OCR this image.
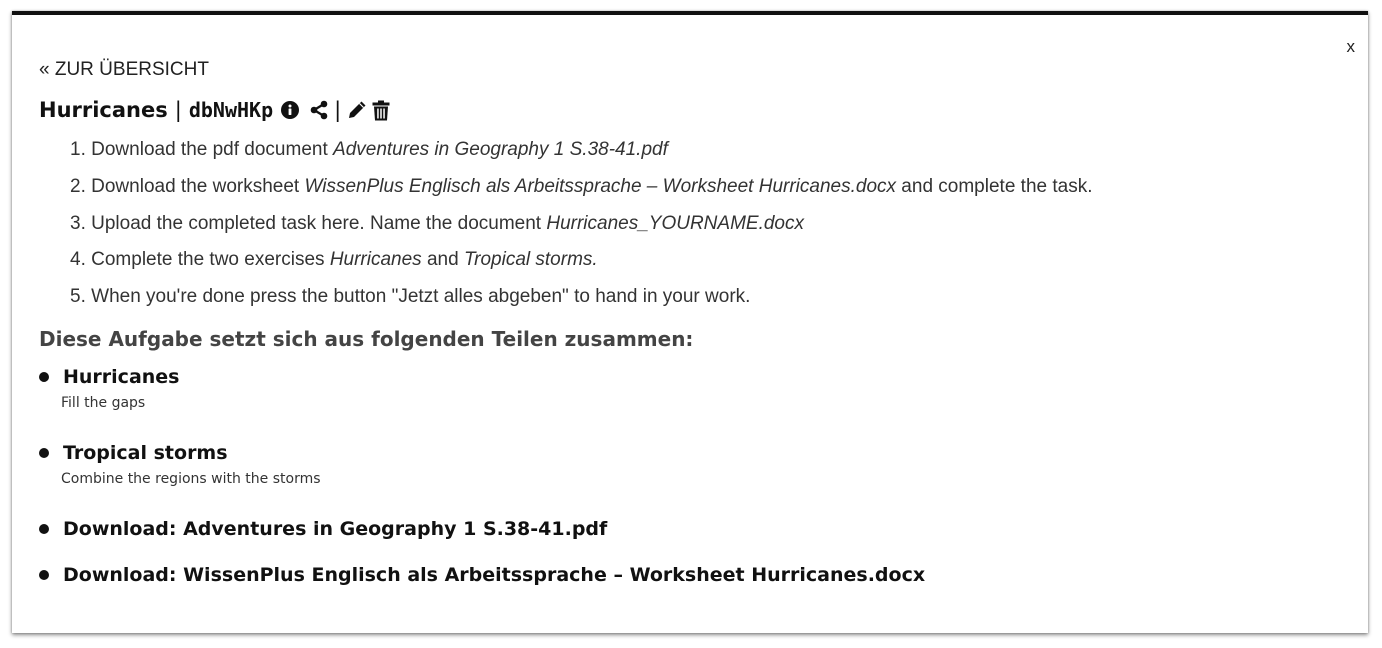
x
« ZUR ÜBERSICHT
Hurricanes | dbNwHKp	|
1. Download the pdf document Adventures in Geography 1 S.38-41.pdf
2. Download the worksheet WissenPlus Englisch als Arbeitssprache – Worksheet Hurricanes.docx and complete the task.
3. Upload the completed task here. Name the document Hurricanes_YOURNAME.docx
4. Complete the two exercises Hurricanes and Tropical storms.
5. When you're done press the button "Jetzt alles abgeben" to hand in your work.
Diese Aufgabe setzt sich aus folgenden Teilen zusammen:
Hurricanes
Fill the gaps
Tropical storms
Combine the regions with the storms
Download: Adventures in Geography 1 S.38-41.pdf
Download: WissenPlus Englisch als Arbeitssprache – Worksheet Hurricanes.docx
